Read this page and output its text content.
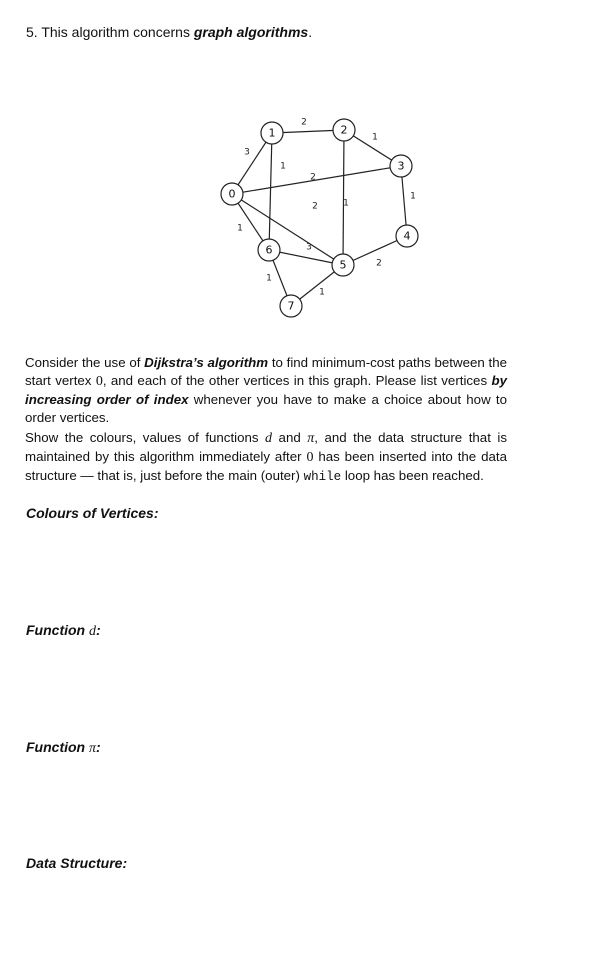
5. This algorithm concerns graph algorithms.
3
2
1
1
1
2
2	1
1
3
2
1
1
0
1	2
3
4
5
6
7
Consider the use of Dijkstra’s algorithm to find minimum-cost paths between the start vertex 0, and each of the other vertices in this graph. Please list vertices by increasing order of index whenever you have to make a choice about how to order vertices.
Show the colours, values of functions d and π, and the data structure that is maintained by this algorithm immediately after 0 has been inserted into the data structure — that is, just before the main (outer) while loop has been reached.
Colours of Vertices:
Function d:
Function π:
Data Structure:
